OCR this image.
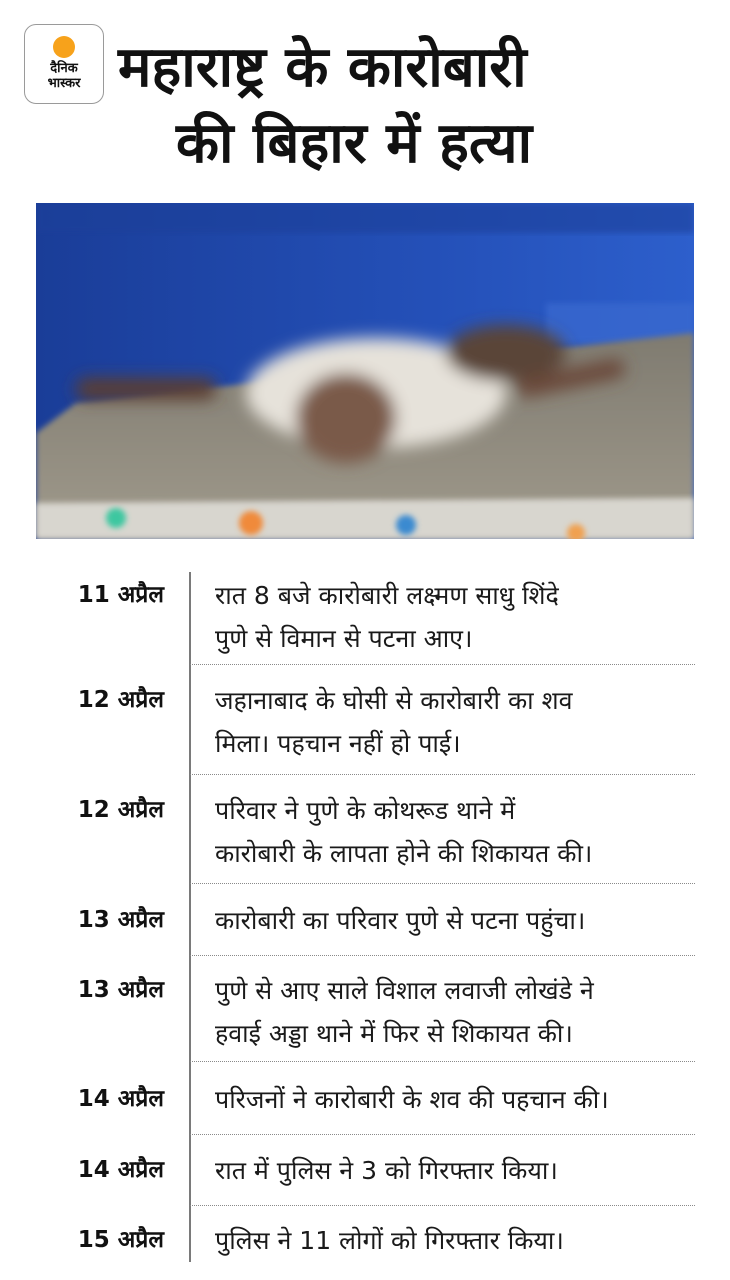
दैनिक
भास्कर महाराष्ट्र के कारोबारी
की बिहार में हत्या
11 अप्रैल रात 8 बजे कारोबारी लक्ष्मण साधु शिंदे
पुणे से विमान से पटना आए।
12 अप्रैल जहानाबाद के घोसी से कारोबारी का शव
मिला। पहचान नहीं हो पाई।
12 अप्रैल परिवार ने पुणे के कोथरूड थाने में
कारोबारी के लापता होने की शिकायत की।
13 अप्रैल कारोबारी का परिवार पुणे से पटना पहुंचा।
13 अप्रैल पुणे से आए साले विशाल लवाजी लोखंडे ने
हवाई अड्डा थाने में फिर से शिकायत की।
14 अप्रैल परिजनों ने कारोबारी के शव की पहचान की।
14 अप्रैल रात में पुलिस ने 3 को गिरफ्तार किया।
15 अप्रैल पुलिस ने 11 लोगों को गिरफ्तार किया।
